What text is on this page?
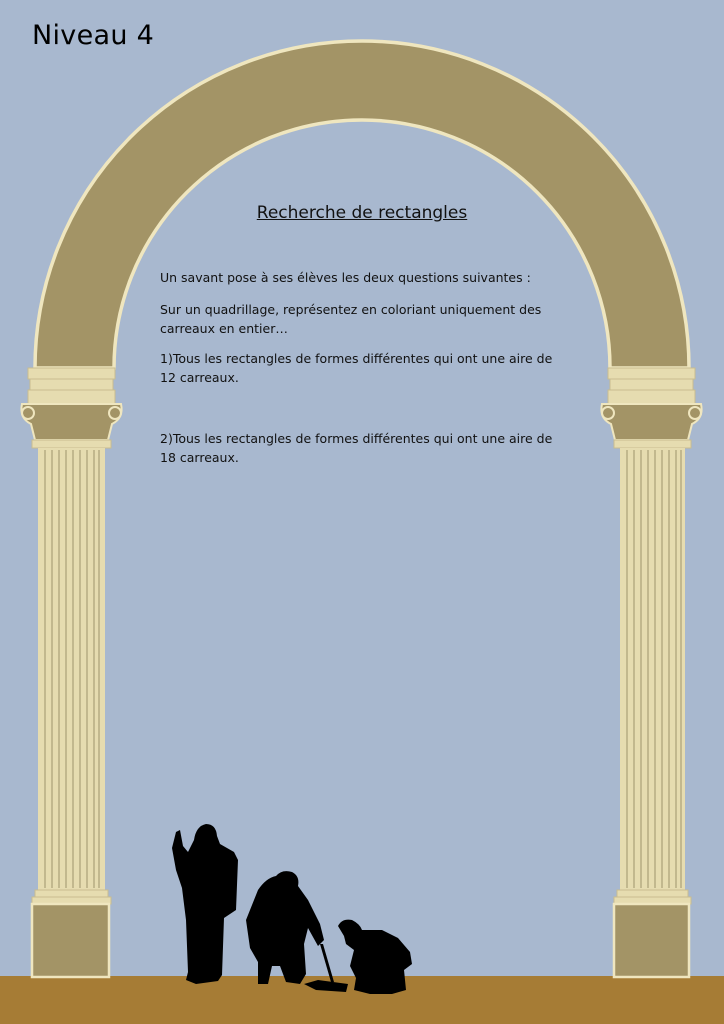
Niveau 4
Recherche de rectangles

Un savant pose à ses élèves les deux questions suivantes :

Sur un quadrillage, représentez en coloriant uniquement des carreaux en entier…

1)Tous les rectangles de formes différentes qui ont une aire de 12 carreaux.

2)Tous les rectangles de formes différentes qui ont une aire de 18 carreaux.
